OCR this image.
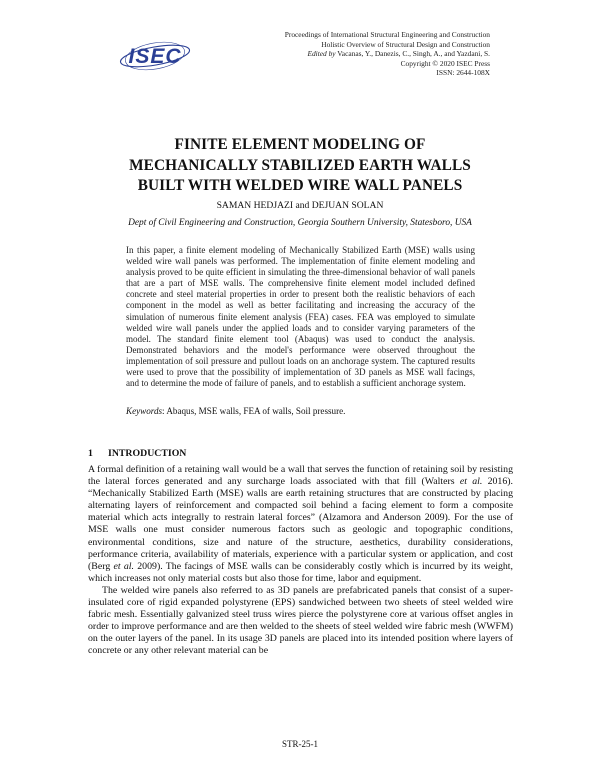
ISEC
Proceedings of International Structural Engineering and Construction
Holistic Overview of Structural Design and Construction
Edited by Vacanas, Y., Danezis, C., Singh, A., and Yazdani, S.
Copyright © 2020 ISEC Press
ISSN: 2644-108X
FINITE ELEMENT MODELING OF
MECHANICALLY STABILIZED EARTH WALLS
BUILT WITH WELDED WIRE WALL PANELS
SAMAN HEDJAZI and DEJUAN SOLAN
Dept of Civil Engineering and Construction, Georgia Southern University, Statesboro, USA

In this paper, a finite element modeling of Mechanically Stabilized Earth (MSE) walls using welded wire wall panels was performed. The implementation of finite element modeling and analysis proved to be quite efficient in simulating the three-dimensional behavior of wall panels that are a part of MSE walls. The comprehensive finite element model included defined concrete and steel material properties in order to present both the realistic behaviors of each component in the model as well as better facilitating and increasing the accuracy of the simulation of numerous finite element analysis (FEA) cases. FEA was employed to simulate welded wire wall panels under the applied loads and to consider varying parameters of the model. The standard finite element tool (Abaqus) was used to conduct the analysis. Demonstrated behaviors and the model's performance were observed throughout the implementation of soil pressure and pullout loads on an anchorage system. The captured results were used to prove that the possibility of implementation of 3D panels as MSE wall facings, and to determine the mode of failure of panels, and to establish a sufficient anchorage system.

Keywords: Abaqus, MSE walls, FEA of walls, Soil pressure.

1 INTRODUCTION

A formal definition of a retaining wall would be a wall that serves the function of retaining soil by resisting the lateral forces generated and any surcharge loads associated with that fill (Walters et al. 2016). “Mechanically Stabilized Earth (MSE) walls are earth retaining structures that are constructed by placing alternating layers of reinforcement and compacted soil behind a facing element to form a composite material which acts integrally to restrain lateral forces” (Alzamora and Anderson 2009). For the use of MSE walls one must consider numerous factors such as geologic and topographic conditions, environmental conditions, size and nature of the structure, aesthetics, durability considerations, performance criteria, availability of materials, experience with a particular system or application, and cost (Berg et al. 2009). The facings of MSE walls can be considerably costly which is incurred by its weight, which increases not only material costs but also those for time, labor and equipment.

The welded wire panels also referred to as 3D panels are prefabricated panels that consist of a super-insulated core of rigid expanded polystyrene (EPS) sandwiched between two sheets of steel welded wire fabric mesh. Essentially galvanized steel truss wires pierce the polystyrene core at various offset angles in order to improve performance and are then welded to the sheets of steel welded wire fabric mesh (WWFM) on the outer layers of the panel. In its usage 3D panels are placed into its intended position where layers of concrete or any other relevant material can be

STR-25-1
